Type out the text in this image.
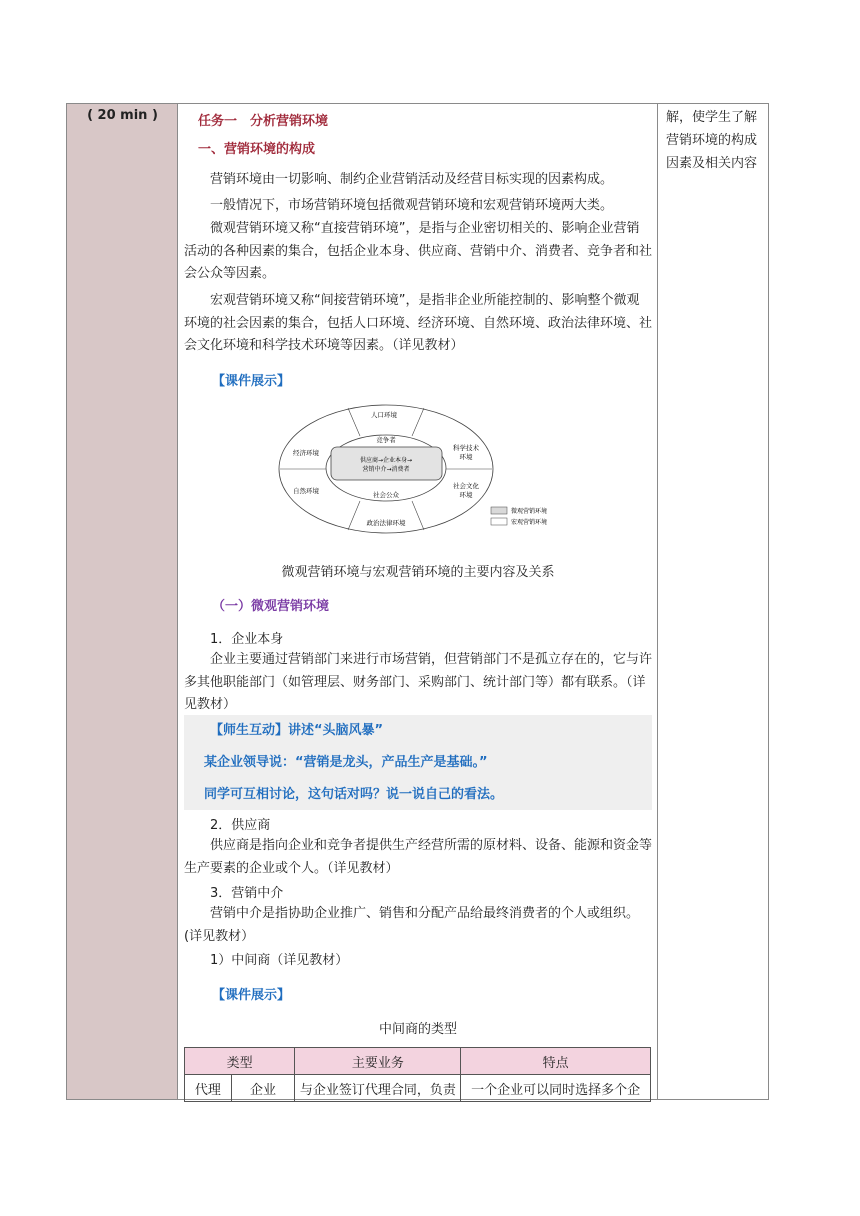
( 20 min )	任务一　分析营销环境
一、营销环境的构成
营销环境由一切影响、制约企业营销活动及经营目标实现的因素构成。
一般情况下，市场营销环境包括微观营销环境和宏观营销环境两大类。
微观营销环境又称“直接营销环境”，是指与企业密切相关的、影响企业营销活动的各种因素的集合，包括企业本身、供应商、营销中介、消费者、竞争者和社会公众等因素。
宏观营销环境又称“间接营销环境”，是指非企业所能控制的、影响整个微观环境的社会因素的集合，包括人口环境、经济环境、自然环境、政治法律环境、社会文化环境和科学技术环境等因素。（详见教材）
【课件展示】
人口环境
经济环境
科学技术
环境
自然环境
社会文化
环境
政治法律环境
竞争者
社会公众
供应商→企业本身→
营销中介→消费者
微观营销环境
宏观营销环境
微观营销环境与宏观营销环境的主要内容及关系
（一）微观营销环境
1．企业本身
企业主要通过营销部门来进行市场营销，但营销部门不是孤立存在的，它与许多其他职能部门（如管理层、财务部门、采购部门、统计部门等）都有联系。（详见教材）
【师生互动】讲述“头脑风暴”
某企业领导说：“营销是龙头，产品生产是基础。”
同学可互相讨论，这句话对吗？说一说自己的看法。
2．供应商
供应商是指向企业和竞争者提供生产经营所需的原材料、设备、能源和资金等生产要素的企业或个人。（详见教材）
3．营销中介
营销中介是指协助企业推广、销售和分配产品给最终消费者的个人或组织。(详见教材）
1）中间商（详见教材）
【课件展示】
中间商的类型
类型		主要业务	特点
代理	企业	与企业签订代理合同，负责	一个企业可以同时选择多个企
解，使学生了解
营销环境的构成
因素及相关内容
